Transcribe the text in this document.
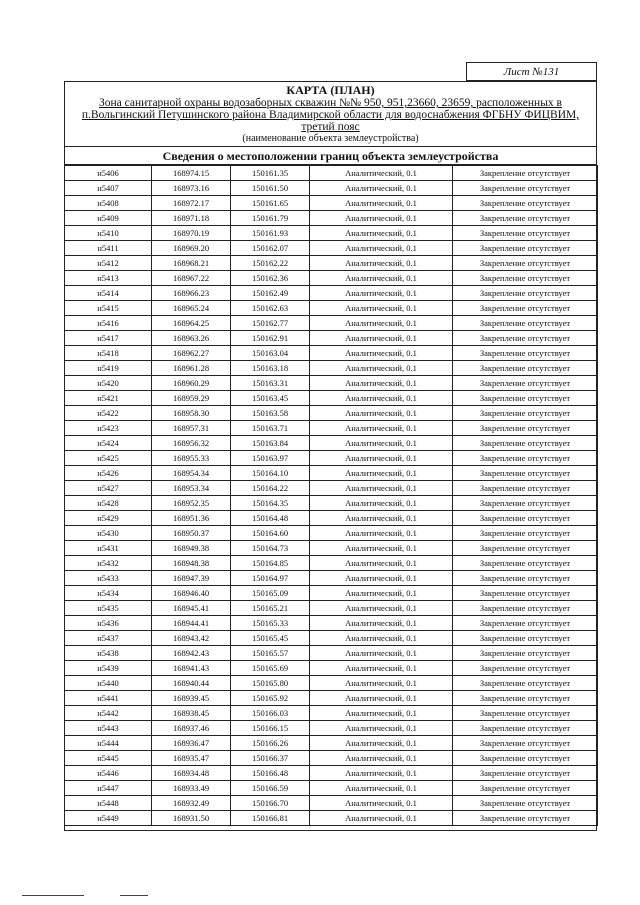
Лист №131
КАРТА (ПЛАН)
Зона санитарной охраны водозаборных скважин №№ 950, 951,23660, 23659, расположенных в
п.Вольгинский Петушинского района Владимирской области для водоснабжения ФГБНУ ФИЦВИМ,
третий пояс
(наименование объекта землеустройства)
Сведения о местоположении границ объекта землеустройства
н5406	168974.15	150161.35	Аналитический, 0.1	Закрепление отсутствует
н5407	168973.16	150161.50	Аналитический, 0.1	Закрепление отсутствует
н5408	168972.17	150161.65	Аналитический, 0.1	Закрепление отсутствует
н5409	168971.18	150161.79	Аналитический, 0.1	Закрепление отсутствует
н5410	168970.19	150161.93	Аналитический, 0.1	Закрепление отсутствует
н5411	168969.20	150162.07	Аналитический, 0.1	Закрепление отсутствует
н5412	168968.21	150162.22	Аналитический, 0.1	Закрепление отсутствует
н5413	168967.22	150162.36	Аналитический, 0.1	Закрепление отсутствует
н5414	168966.23	150162.49	Аналитический, 0.1	Закрепление отсутствует
н5415	168965.24	150162.63	Аналитический, 0.1	Закрепление отсутствует
н5416	168964.25	150162.77	Аналитический, 0.1	Закрепление отсутствует
н5417	168963.26	150162.91	Аналитический, 0.1	Закрепление отсутствует
н5418	168962.27	150163.04	Аналитический, 0.1	Закрепление отсутствует
н5419	168961.28	150163.18	Аналитический, 0.1	Закрепление отсутствует
н5420	168960.29	150163.31	Аналитический, 0.1	Закрепление отсутствует
н5421	168959.29	150163.45	Аналитический, 0.1	Закрепление отсутствует
н5422	168958.30	150163.58	Аналитический, 0.1	Закрепление отсутствует
н5423	168957.31	150163.71	Аналитический, 0.1	Закрепление отсутствует
н5424	168956.32	150163.84	Аналитический, 0.1	Закрепление отсутствует
н5425	168955.33	150163.97	Аналитический, 0.1	Закрепление отсутствует
н5426	168954.34	150164.10	Аналитический, 0.1	Закрепление отсутствует
н5427	168953.34	150164.22	Аналитический, 0.1	Закрепление отсутствует
н5428	168952.35	150164.35	Аналитический, 0.1	Закрепление отсутствует
н5429	168951.36	150164.48	Аналитический, 0.1	Закрепление отсутствует
н5430	168950.37	150164.60	Аналитический, 0.1	Закрепление отсутствует
н5431	168949.38	150164.73	Аналитический, 0.1	Закрепление отсутствует
н5432	168948.38	150164.85	Аналитический, 0.1	Закрепление отсутствует
н5433	168947.39	150164.97	Аналитический, 0.1	Закрепление отсутствует
н5434	168946.40	150165.09	Аналитический, 0.1	Закрепление отсутствует
н5435	168945.41	150165.21	Аналитический, 0.1	Закрепление отсутствует
н5436	168944.41	150165.33	Аналитический, 0.1	Закрепление отсутствует
н5437	168943.42	150165.45	Аналитический, 0.1	Закрепление отсутствует
н5438	168942.43	150165.57	Аналитический, 0.1	Закрепление отсутствует
н5439	168941.43	150165.69	Аналитический, 0.1	Закрепление отсутствует
н5440	168940.44	150165.80	Аналитический, 0.1	Закрепление отсутствует
н5441	168939.45	150165.92	Аналитический, 0.1	Закрепление отсутствует
н5442	168938.45	150166.03	Аналитический, 0.1	Закрепление отсутствует
н5443	168937.46	150166.15	Аналитический, 0.1	Закрепление отсутствует
н5444	168936.47	150166.26	Аналитический, 0.1	Закрепление отсутствует
н5445	168935.47	150166.37	Аналитический, 0.1	Закрепление отсутствует
н5446	168934.48	150166.48	Аналитический, 0.1	Закрепление отсутствует
н5447	168933.49	150166.59	Аналитический, 0.1	Закрепление отсутствует
н5448	168932.49	150166.70	Аналитический, 0.1	Закрепление отсутствует
н5449	168931.50	150166.81	Аналитический, 0.1	Закрепление отсутствует
